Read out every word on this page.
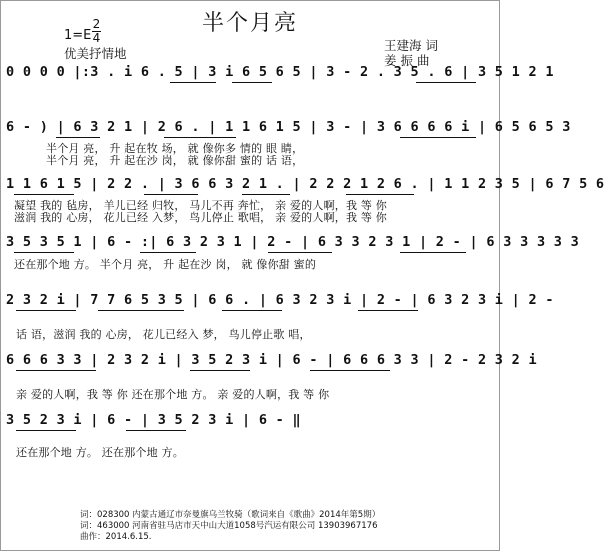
半个月亮
1=E
2
4
优美抒情地
王建海 词
姜 振 曲
0 0 0 0 |:3 . i 6 . 5 | 3 i 6 5 6 5 | 3 - 2 . 3 5 . 6 | 3 5 1 2 1
6 - ) | 6 3 2 1 | 2 6 . | 1 1 6 1 5 | 3 - | 3 6 6 6 6 i | 6 5 6 5 3
半个月 亮， 升 起在牧 场， 就 像你多 情的 眼 睛，
半个月 亮， 升 起在沙 岗， 就 像你甜 蜜的 话 语，
1 1 6 1 5 | 2 2 . | 3 6 6 3 2 1 . | 2 2 2 1 2 6 . | 1 1 2 3 5 | 6 7 5 6
凝望 我的 毡房， 羊儿已经 归牧， 马儿不再 奔忙， 亲 爱的人啊，我 等 你
滋润 我的 心房， 花儿已经 入梦， 鸟儿停止 歌唱， 亲 爱的人啊，我 等 你
3 5 3 5 1 | 6 - :| 6 3 2 3 1 | 2 - | 6 3 3 2 3 1 | 2 - | 6 3 3 3 3 3
还在那个地 方。 半个月 亮， 升 起在沙 岗， 就 像你甜 蜜的
2 3 2 i | 7 7 6 5 3 5 | 6 6 . | 6 3 2 3 i | 2 - | 6 3 2 3 i | 2 -
话 语，滋润 我的 心房， 花儿已经入 梦， 鸟儿停止歌 唱，
6 6 6 3 3 | 2 3 2 i | 3 5 2 3 i | 6 - | 6 6 6 3 3 | 2 - 2 3 2 i
亲 爱的人啊，我 等 你 还在那个地 方。 亲 爱的人啊，我 等 你
3 5 2 3 i | 6 - | 3 5 2 3 i | 6 - ‖
还在那个地 方。 还在那个地 方。
词：028300 内蒙古通辽市奈曼旗乌兰牧骑（歌词来自《歌曲》2014年第5期）
词：463000 河南省驻马店市天中山大道1058号汽运有限公司 13903967176
曲作：2014.6.15.
